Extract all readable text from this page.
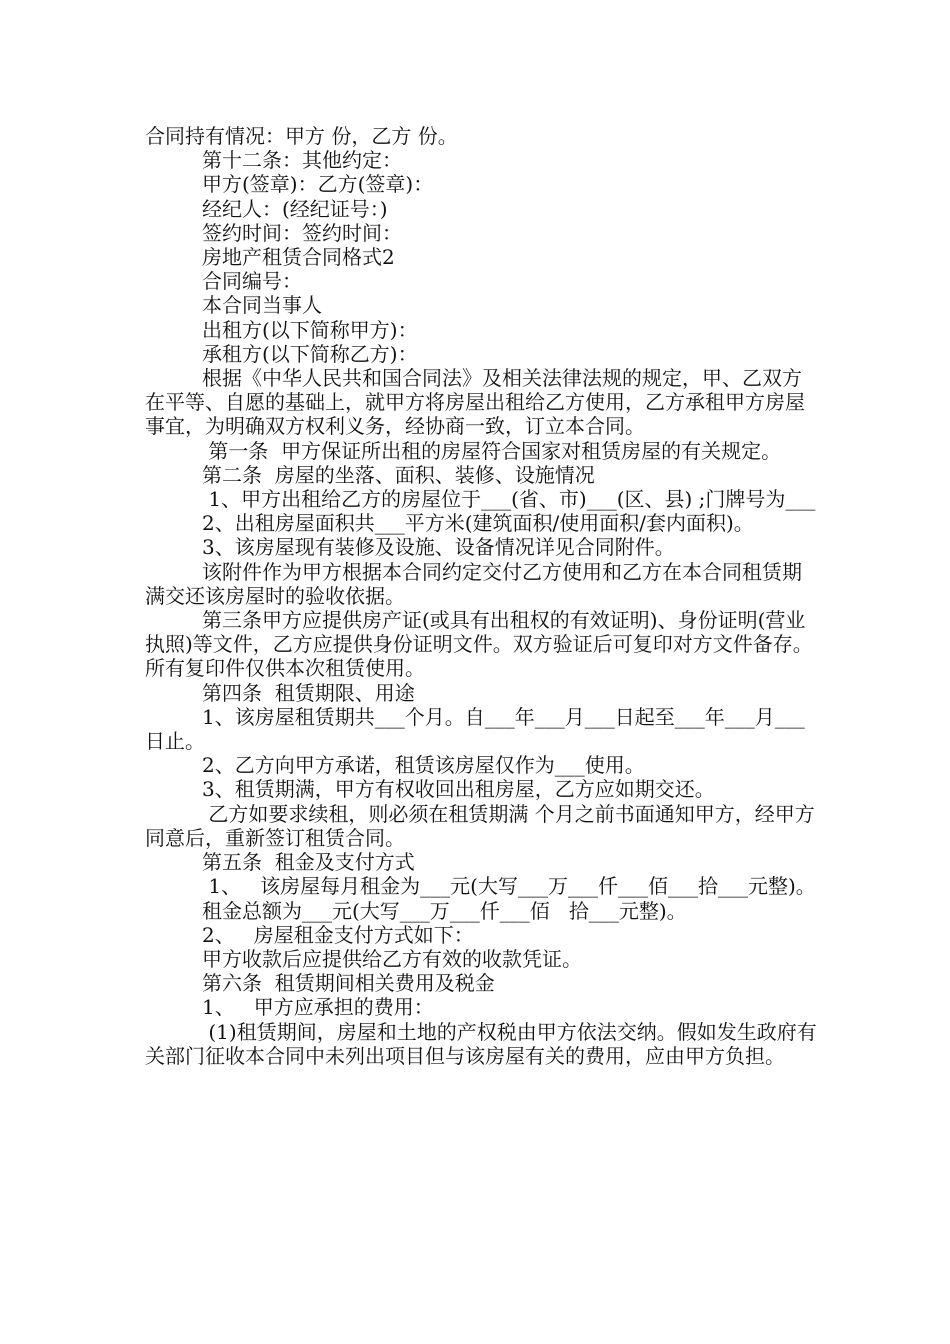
合同持有情况：甲方 份，乙方 份。

第十二条：其他约定：

甲方(签章)：乙方(签章)：

经纪人：(经纪证号：)

签约时间：签约时间：

房地产租赁合同格式2

合同编号：

本合同当事人

出租方(以下简称甲方)：

承租方(以下简称乙方)：

根据《中华人民共和国合同法》及相关法律法规的规定，甲、乙双方在平等、自愿的基础上，就甲方将房屋出租给乙方使用，乙方承租甲方房屋事宜，为明确双方权利义务，经协商一致，订立本合同。

第一条  甲方保证所出租的房屋符合国家对租赁房屋的有关规定。

第二条  房屋的坐落、面积、装修、设施情况

1、甲方出租给乙方的房屋位于___(省、市)___(区、县) ;门牌号为___

2、出租房屋面积共___平方米(建筑面积/使用面积/套内面积)。

3、该房屋现有装修及设施、设备情况详见合同附件。

该附件作为甲方根据本合同约定交付乙方使用和乙方在本合同租赁期满交还该房屋时的验收依据。

第三条甲方应提供房产证(或具有出租权的有效证明)、身份证明(营业执照)等文件，乙方应提供身份证明文件。双方验证后可复印对方文件备存。所有复印件仅供本次租赁使用。

第四条  租赁期限、用途

1、该房屋租赁期共___个月。自___年___月___日起至___年___月___日止。

2、乙方向甲方承诺，租赁该房屋仅作为___使用。

3、租赁期满，甲方有权收回出租房屋，乙方应如期交还。

乙方如要求续租，则必须在租赁期满 个月之前书面通知甲方，经甲方同意后，重新签订租赁合同。

第五条  租金及支付方式

1、   该房屋每月租金为___元(大写___万___仟___佰___拾___元整)。

租金总额为___元(大写___万___仟___佰   拾___元整)。

2、   房屋租金支付方式如下：

甲方收款后应提供给乙方有效的收款凭证。

第六条  租赁期间相关费用及税金

1、   甲方应承担的费用：

(1)租赁期间，房屋和土地的产权税由甲方依法交纳。假如发生政府有关部门征收本合同中未列出项目但与该房屋有关的费用，应由甲方负担。
